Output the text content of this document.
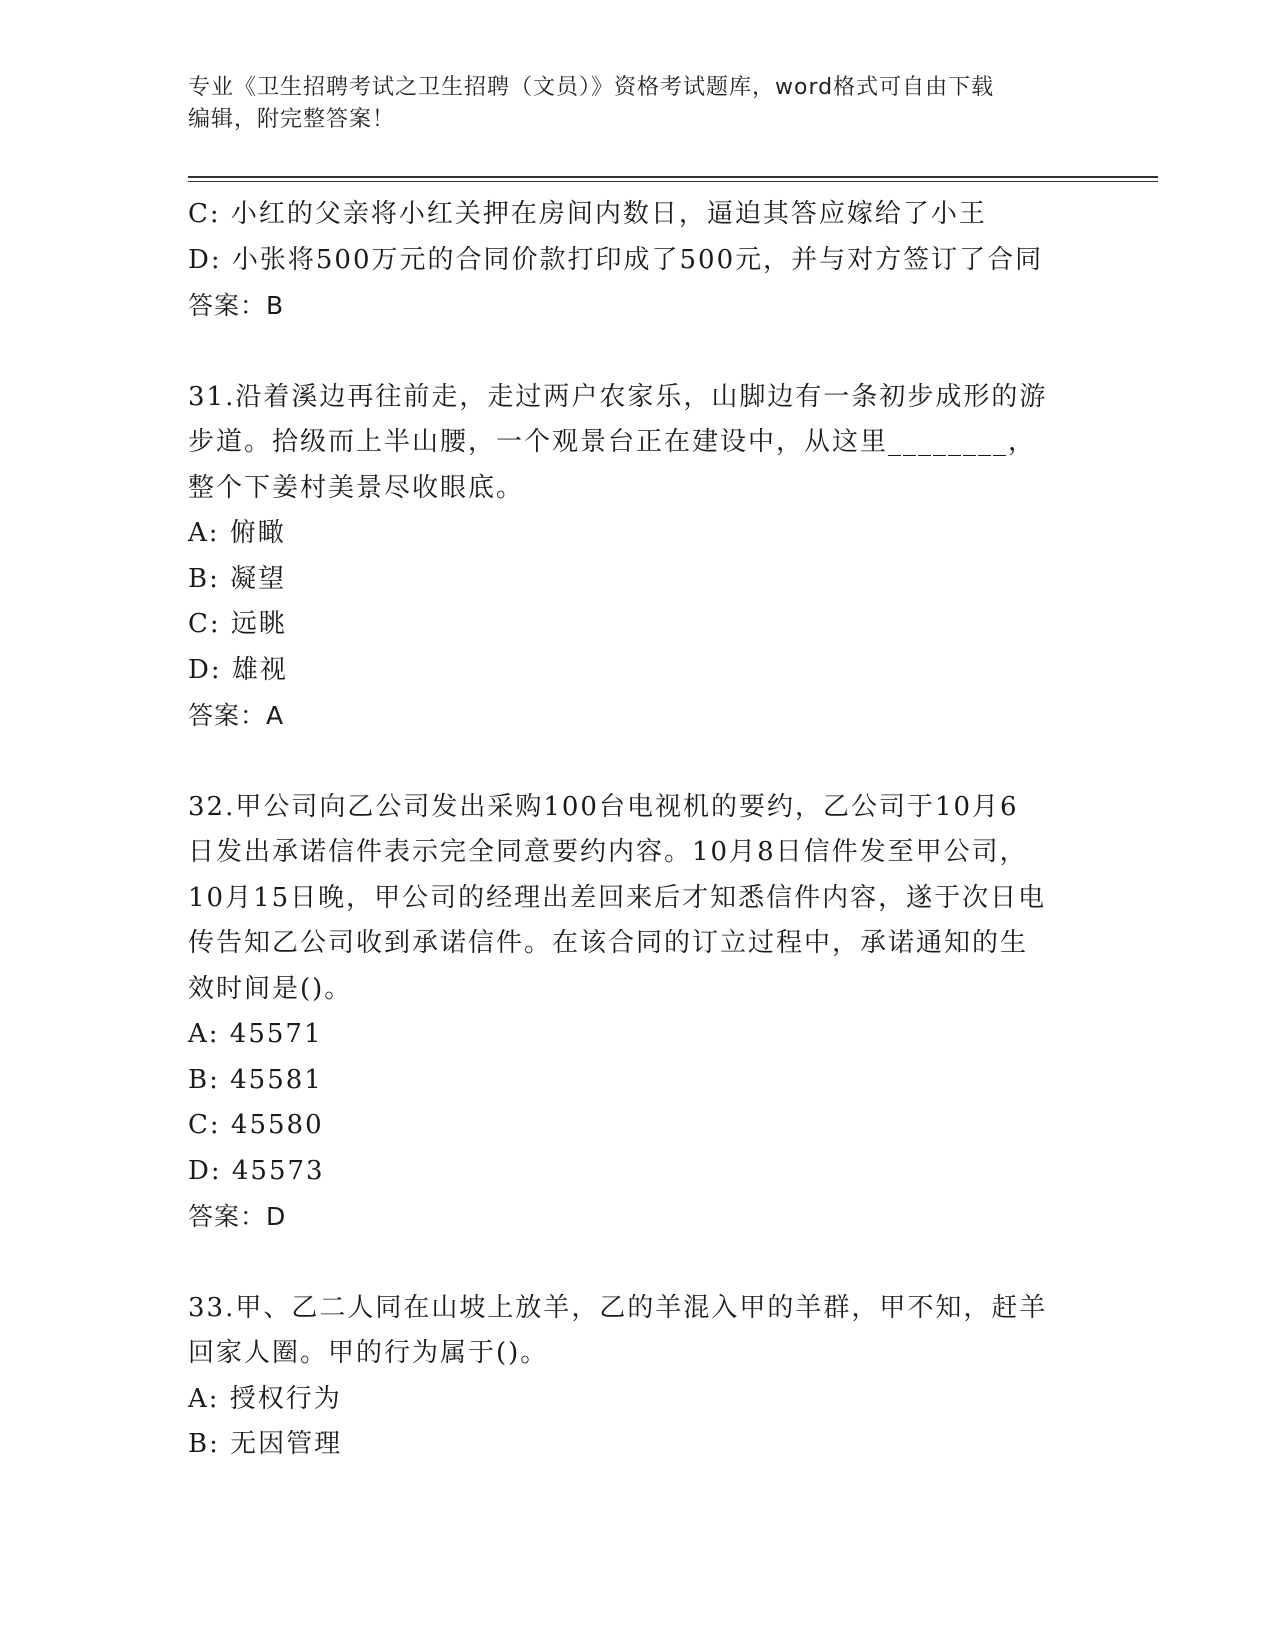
专业《卫生招聘考试之卫生招聘（文员）》资格考试题库，word格式可自由下载

编辑，附完整答案！

C: 小红的父亲将小红关押在房间内数日，逼迫其答应嫁给了小王

D: 小张将500万元的合同价款打印成了500元，并与对方签订了合同

答案：B

31.沿着溪边再往前走，走过两户农家乐，山脚边有一条初步成形的游

步道。拾级而上半山腰，一个观景台正在建设中，从这里________，

整个下姜村美景尽收眼底。

A: 俯瞰

B: 凝望

C: 远眺

D: 雄视

答案：A

32.甲公司向乙公司发出采购100台电视机的要约，乙公司于10月6

日发出承诺信件表示完全同意要约内容。10月8日信件发至甲公司，

10月15日晚，甲公司的经理出差回来后才知悉信件内容，遂于次日电

传告知乙公司收到承诺信件。在该合同的订立过程中，承诺通知的生

效时间是()。

A: 45571

B: 45581

C: 45580

D: 45573

答案：D

33.甲、乙二人同在山坡上放羊，乙的羊混入甲的羊群，甲不知，赶羊

回家人圈。甲的行为属于()。

A: 授权行为

B: 无因管理
